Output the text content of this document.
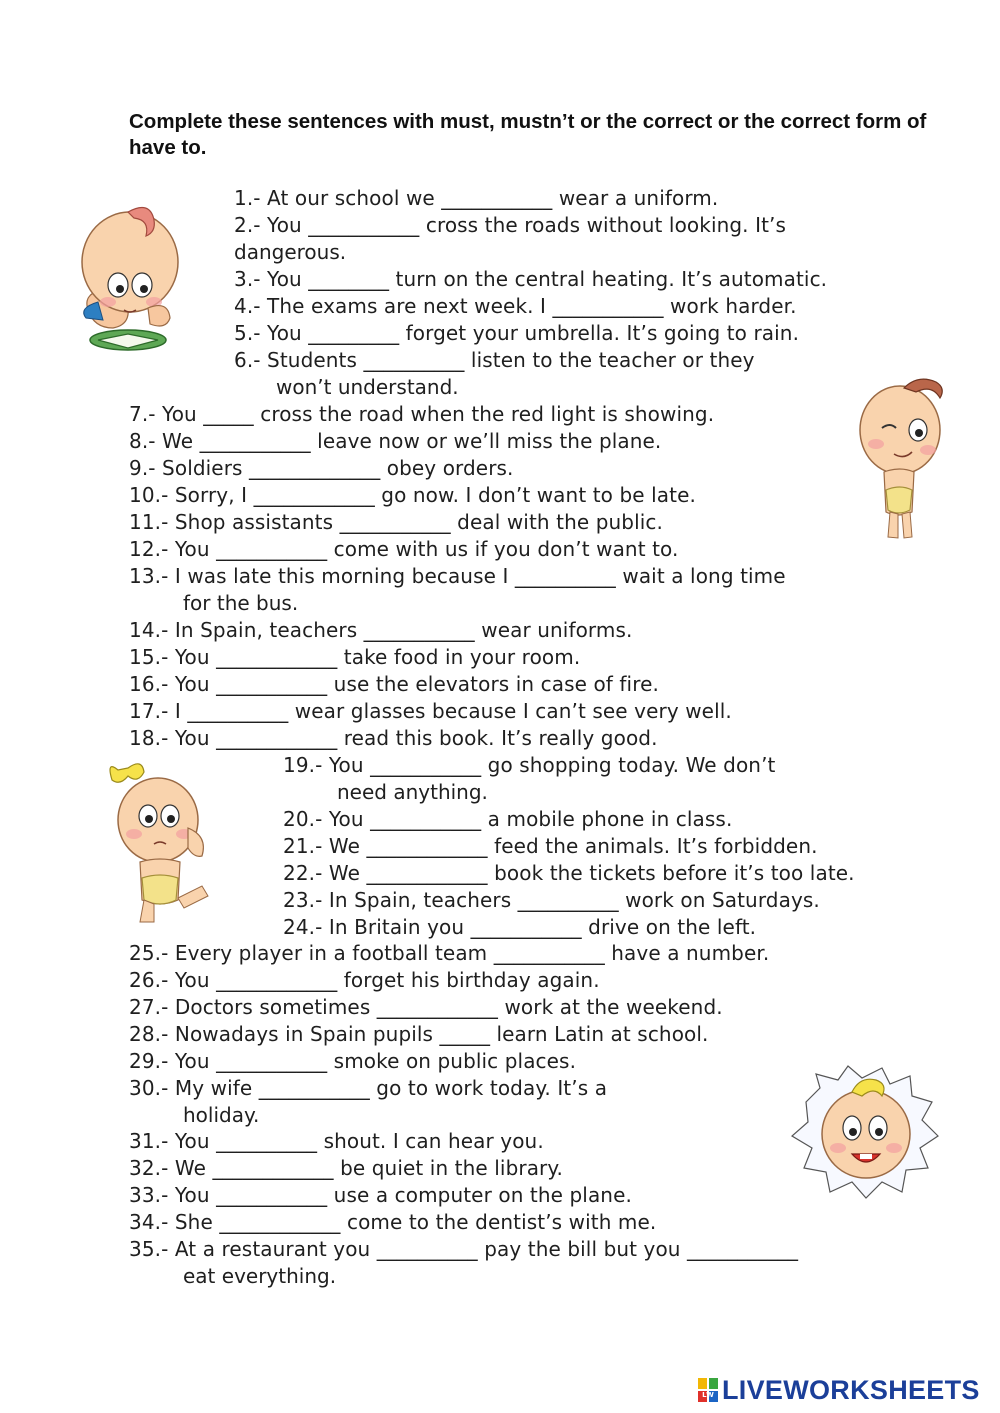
Complete these sentences with must, mustn’t or the correct or the correct form of have to.
1.- At our school we ___________ wear a uniform.
2.- You ___________ cross the roads without looking. It’s
dangerous.
3.- You ________ turn on the central heating. It’s automatic.
4.- The exams are next week. I ___________ work harder.
5.- You _________ forget your umbrella. It’s going to rain.
6.- Students __________ listen to the teacher or they
won’t understand.
7.- You _____ cross the road when the red light is showing.
8.- We ___________ leave now or we’ll miss the plane.
9.- Soldiers _____________ obey orders.
10.- Sorry, I ____________ go now. I don’t want to be late.
11.- Shop assistants ___________ deal with the public.
12.- You ___________ come with us if you don’t want to.
13.- I was late this morning because I __________ wait a long time
for the bus.
14.- In Spain, teachers ___________ wear uniforms.
15.- You ____________ take food in your room.
16.- You ___________ use the elevators in case of fire.
17.- I __________ wear glasses because I can’t see very well.
18.- You ____________ read this book. It’s really good.
19.- You ___________ go shopping today. We don’t
need anything.
20.- You ___________ a mobile phone in class.
21.- We ____________ feed the animals. It’s forbidden.
22.- We ____________ book the tickets before it’s too late.
23.- In Spain, teachers __________ work on Saturdays.
24.- In Britain you ___________ drive on the left.
25.- Every player in a football team ___________ have a number.
26.- You ____________ forget his birthday again.
27.- Doctors sometimes ____________ work at the weekend.
28.- Nowadays in Spain pupils _____ learn Latin at school.
29.- You ___________ smoke on public places.
30.- My wife ___________ go to work today. It’s a
holiday.
31.- You __________ shout. I can hear you.
32.- We ____________ be quiet in the library.
33.- You ___________ use a computer on the plane.
34.- She ____________ come to the dentist’s with me.
35.- At a restaurant you __________ pay the bill but you ___________
eat everything.
LW LIVEWORKSHEETS
